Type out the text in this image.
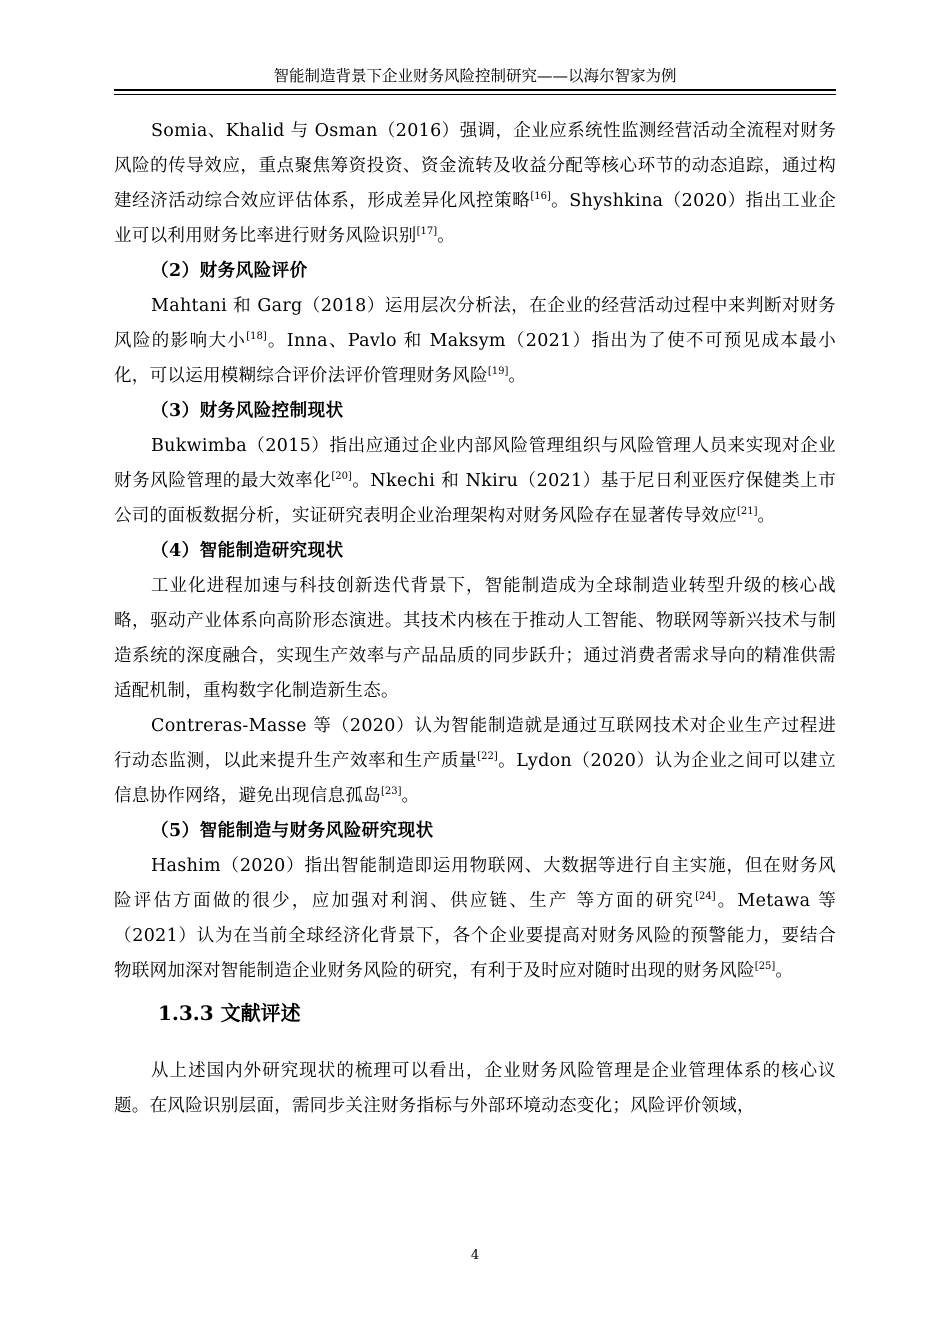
智能制造背景下企业财务风险控制研究——以海尔智家为例

Somia、Khalid 与 Osman（2016）强调，企业应系统性监测经营活动全流程对财务风险的传导效应，重点聚焦筹资投资、资金流转及收益分配等核心环节的动态追踪，通过构建经济活动综合效应评估体系，形成差异化风控策略[16]。Shyshkina（2020）指出工业企业可以利用财务比率进行财务风险识别[17]。

（2）财务风险评价

Mahtani 和 Garg（2018）运用层次分析法，在企业的经营活动过程中来判断对财务风险的影响大小[18]。Inna、Pavlo 和 Maksym（2021）指出为了使不可预见成本最小化，可以运用模糊综合评价法评价管理财务风险[19]。

（3）财务风险控制现状

Bukwimba（2015）指出应通过企业内部风险管理组织与风险管理人员来实现对企业财务风险管理的最大效率化[20]。Nkechi 和 Nkiru（2021）基于尼日利亚医疗保健类上市公司的面板数据分析，实证研究表明企业治理架构对财务风险存在显著传导效应[21]。

（4）智能制造研究现状

工业化进程加速与科技创新迭代背景下，智能制造成为全球制造业转型升级的核心战略，驱动产业体系向高阶形态演进。其技术内核在于推动人工智能、物联网等新兴技术与制造系统的深度融合，实现生产效率与产品品质的同步跃升；通过消费者需求导向的精准供需适配机制，重构数字化制造新生态。

Contreras-Masse 等（2020）认为智能制造就是通过互联网技术对企业生产过程进行动态监测，以此来提升生产效率和生产质量[22]。Lydon（2020）认为企业之间可以建立信息协作网络，避免出现信息孤岛[23]。

（5）智能制造与财务风险研究现状

Hashim（2020）指出智能制造即运用物联网、大数据等进行自主实施，但在财务风险评估方面做的很少，应加强对利润、供应链、生产 等方面的研究[24]。Metawa 等（2021）认为在当前全球经济化背景下，各个企业要提高对财务风险的预警能力，要结合物联网加深对智能制造企业财务风险的研究，有利于及时应对随时出现的财务风险[25]。

1.3.3 文献评述

从上述国内外研究现状的梳理可以看出，企业财务风险管理是企业管理体系的核心议题。在风险识别层面，需同步关注财务指标与外部环境动态变化；风险评价领域，

4
